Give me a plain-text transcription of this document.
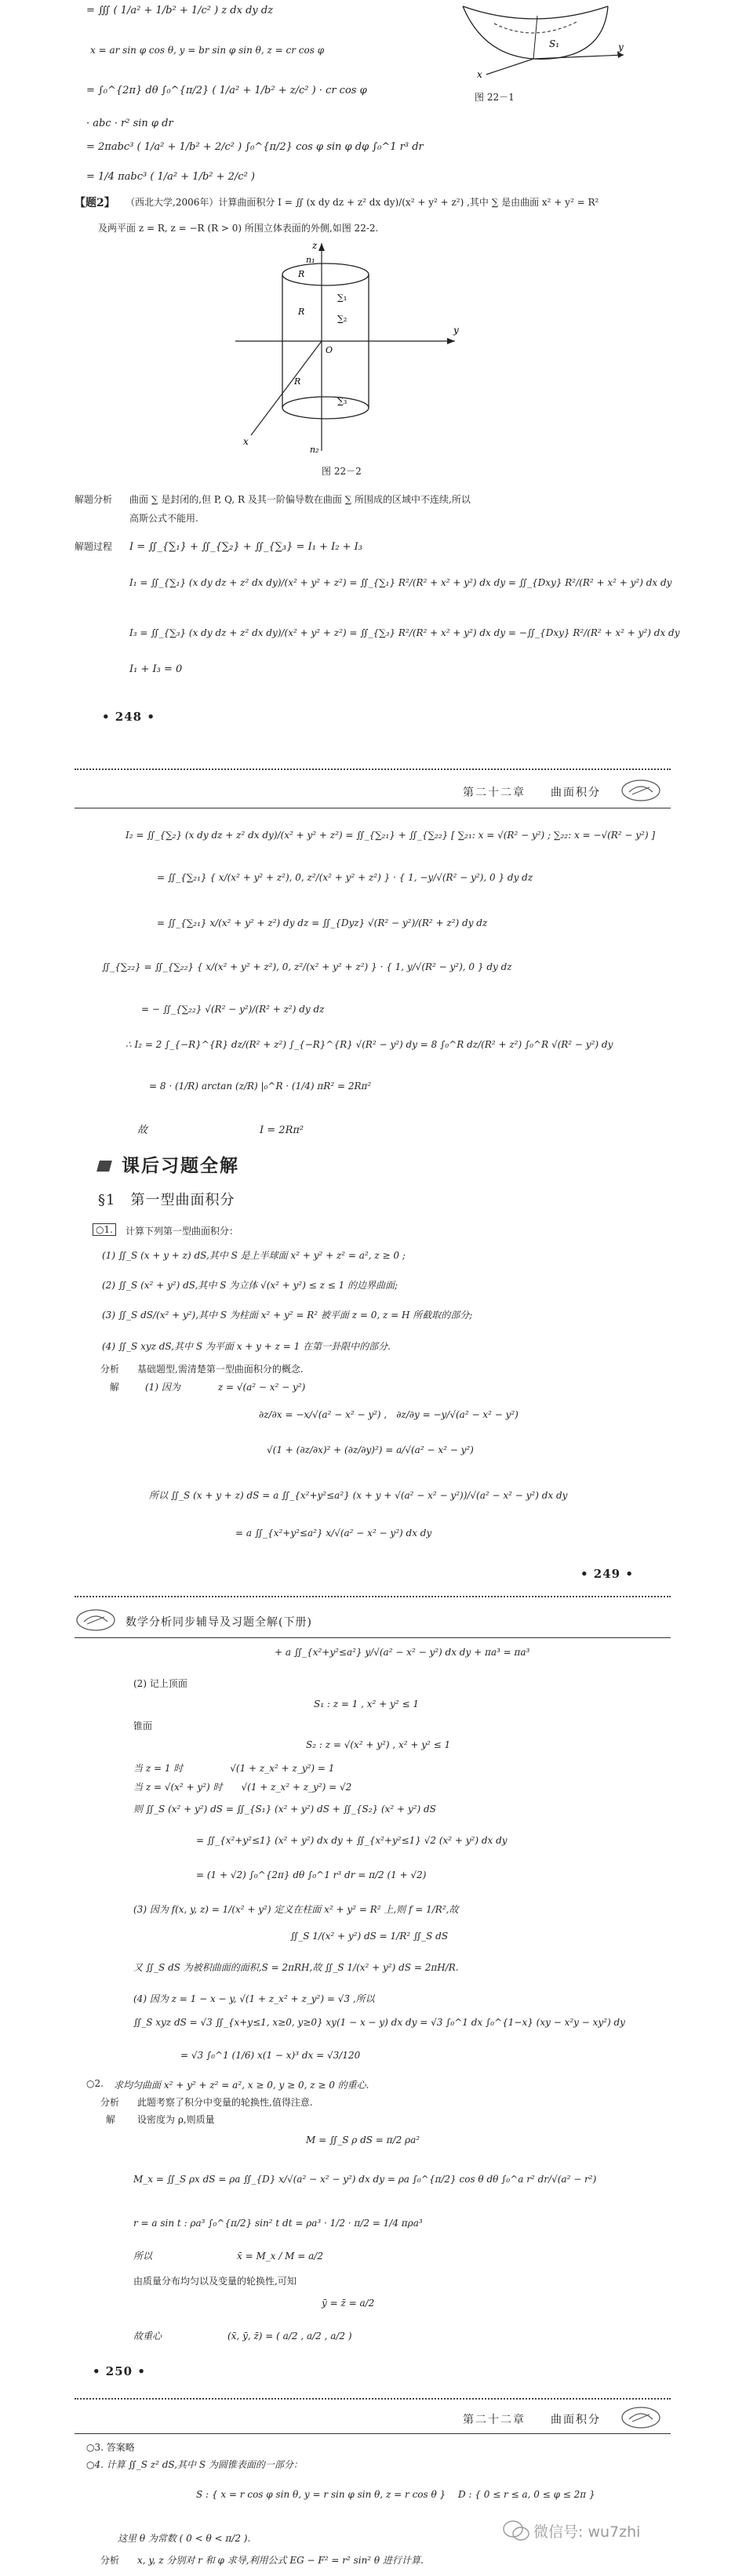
= ∭ ( 1/a² + 1/b² + 1/c² ) z dx dy dz
x = ar sin φ cos θ, y = br sin φ sin θ, z = cr cos φ
= ∫₀^{2π} dθ ∫₀^{π/2} ( 1/a² + 1/b² + z/c² ) · cr cos φ
· abc · r² sin φ dr
= 2πabc³ ( 1/a² + 1/b² + 2/c² ) ∫₀^{π/2} cos φ sin φ dφ ∫₀^1 r³ dr
= 1/4 πabc³ ( 1/a² + 1/b² + 2/c² )
x
y
S₁
图 22－1
【题2】 （西北大学,2006年）计算曲面积分 I = ∬ (x dy dz + z² dx dy)/(x² + y² + z²) ,其中 ∑ 是由曲面 x² + y² = R²
及两平面 z = R, z = −R (R > 0) 所围立体表面的外侧,如图 22-2.
z
y
x
n₁
n₂
R
R
R
O
∑₁
∑₂
∑₃
图 22－2
解题分析 曲面 ∑ 是封闭的,但 P, Q, R 及其一阶偏导数在曲面 ∑ 所围成的区域中不连续,所以
高斯公式不能用.
解题过程 I = ∬_{∑₁} + ∬_{∑₂} + ∬_{∑₃} = I₁ + I₂ + I₃
I₁ = ∬_{∑₁} (x dy dz + z² dx dy)/(x² + y² + z²) = ∬_{∑₁} R²/(R² + x² + y²) dx dy = ∬_{Dxy} R²/(R² + x² + y²) dx dy
I₃ = ∬_{∑₃} (x dy dz + z² dx dy)/(x² + y² + z²) = ∬_{∑₃} R²/(R² + x² + y²) dx dy = −∬_{Dxy} R²/(R² + x² + y²) dx dy
I₁ + I₃ = 0
• 248 •
第二十二章　　曲面积分
I₂ = ∬_{∑₂} (x dy dz + z² dx dy)/(x² + y² + z²) = ∬_{∑₂₁} + ∬_{∑₂₂} [ ∑₂₁: x = √(R² − y²) ; ∑₂₂: x = −√(R² − y²) ]
= ∬_{∑₂₁} { x/(x² + y² + z²), 0, z²/(x² + y² + z²) } · { 1, −y/√(R² − y²), 0 } dy dz
= ∬_{∑₂₁} x/(x² + y² + z²) dy dz = ∬_{Dyz} √(R² − y²)/(R² + z²) dy dz
∬_{∑₂₂} = ∬_{∑₂₂} { x/(x² + y² + z²), 0, z²/(x² + y² + z²) } · { 1, y/√(R² − y²), 0 } dy dz
= − ∬_{∑₂₂} √(R² − y²)/(R² + z²) dy dz
∴ I₂ = 2 ∫_{−R}^{R} dz/(R² + z²) ∫_{−R}^{R} √(R² − y²) dy = 8 ∫₀^R dz/(R² + z²) ∫₀^R √(R² − y²) dy
= 8 · (1/R) arctan (z/R) |₀^R · (1/4) πR² = 2Rπ²
故　　　　　　　　　　　I = 2Rπ²
课后习题全解
§1　第一型曲面积分
○1.	计算下列第一型曲面积分：
(1) ∬_S (x + y + z) dS,其中 S 是上半球面 x² + y² + z² = a², z ≥ 0 ;
(2) ∬_S (x² + y²) dS,其中 S 为立体 √(x² + y²) ≤ z ≤ 1 的边界曲面;
(3) ∬_S dS/(x² + y²),其中 S 为柱面 x² + y² = R² 被平面 z = 0, z = H 所截取的部分;
(4) ∬_S xyz dS,其中 S 为平面 x + y + z = 1 在第一卦限中的部分.
分析 基础题型,需清楚第一型曲面积分的概念.
解	(1) 因为　　　　z = √(a² − x² − y²)
∂z/∂x = −x/√(a² − x² − y²) ,　∂z/∂y = −y/√(a² − x² − y²)
√(1 + (∂z/∂x)² + (∂z/∂y)²) = a/√(a² − x² − y²)
所以 ∬_S (x + y + z) dS = a ∬_{x²+y²≤a²} (x + y + √(a² − x² − y²))/√(a² − x² − y²) dx dy
= a ∬_{x²+y²≤a²} x/√(a² − x² − y²) dx dy
• 249 •
数学分析同步辅导及习题全解(下册)
+ a ∬_{x²+y²≤a²} y/√(a² − x² − y²) dx dy + πa³ = πa³
(2) 记上顶面
S₁ : z = 1 , x² + y² ≤ 1
锥面
S₂ : z = √(x² + y²) , x² + y² ≤ 1
当 z = 1 时　　　　　√(1 + z_x² + z_y²) = 1
当 z = √(x² + y²) 时　　√(1 + z_x² + z_y²) = √2
则 ∬_S (x² + y²) dS = ∬_{S₁} (x² + y²) dS + ∬_{S₂} (x² + y²) dS
= ∬_{x²+y²≤1} (x² + y²) dx dy + ∬_{x²+y²≤1} √2 (x² + y²) dx dy
= (1 + √2) ∫₀^{2π} dθ ∫₀^1 r³ dr = π/2 (1 + √2)
(3) 因为 f(x, y, z) = 1/(x² + y²) 定义在柱面 x² + y² = R² 上,则 f = 1/R²,故
∬_S 1/(x² + y²) dS = 1/R² ∬_S dS
又 ∬_S dS 为被积曲面的面积,S = 2πRH,故 ∬_S 1/(x² + y²) dS = 2πH/R.
(4) 因为 z = 1 − x − y, √(1 + z_x² + z_y²) = √3 ,所以
∬_S xyz dS = √3 ∬_{x+y≤1, x≥0, y≥0} xy(1 − x − y) dx dy = √3 ∫₀^1 dx ∫₀^{1−x} (xy − x²y − xy²) dy
= √3 ∫₀^1 (1/6) x(1 − x)³ dx = √3/120
○2. 求均匀曲面 x² + y² + z² = a², x ≥ 0, y ≥ 0, z ≥ 0 的重心.
分析 此题考察了积分中变量的轮换性,值得注意.
解 设密度为 ρ,则质量
M = ∬_S ρ dS = π/2 ρa²
M_x = ∬_S ρx dS = ρa ∬_{D} x/√(a² − x² − y²) dx dy = ρa ∫₀^{π/2} cos θ dθ ∫₀^a r² dr/√(a² − r²)
r = a sin t : ρa³ ∫₀^{π/2} sin² t dt = ρa³ · 1/2 · π/2 = 1/4 πρa³
所以　　　　　　　　　x̄ = M_x / M = a/2
由质量分布均匀以及变量的轮换性,可知
ȳ = z̄ = a/2
故重心　　　　　　　(x̄, ȳ, z̄) = ( a/2 , a/2 , a/2 )
• 250 •
第二十二章　　曲面积分
○3. 答案略
○4. 计算 ∬_S z² dS,其中 S 为圆锥表面的一部分：
S : { x = r cos φ sin θ, y = r sin φ sin θ, z = r cos θ }　 D : { 0 ≤ r ≤ a, 0 ≤ φ ≤ 2π }
这里 θ 为常数 ( 0 < θ < π/2 ).
分析 x, y, z 分别对 r 和 φ 求导,利用公式 EG − F² = r² sin² θ 进行计算.
微信号: wu7zhi
